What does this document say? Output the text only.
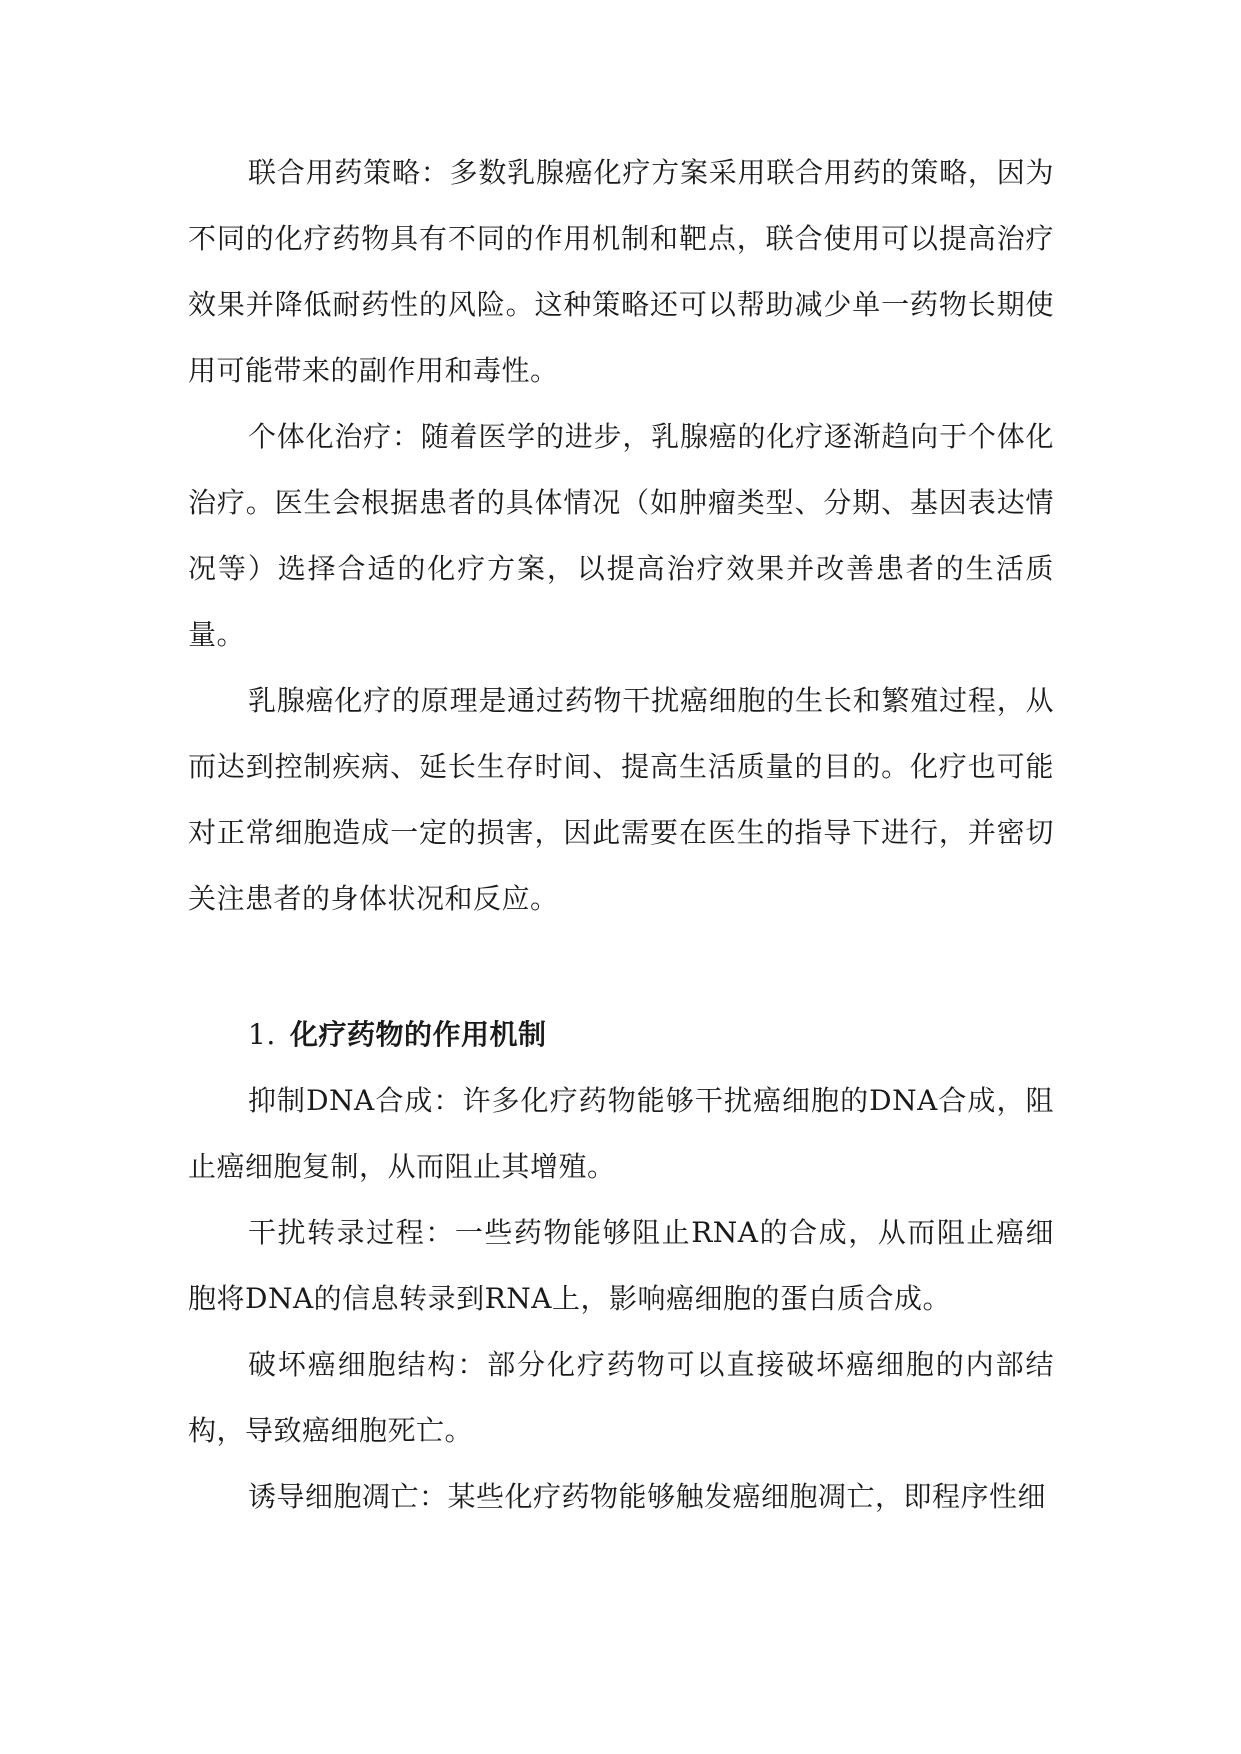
联合用药策略：多数乳腺癌化疗方案采用联合用药的策略，因为不同的化疗药物具有不同的作用机制和靶点，联合使用可以提高治疗效果并降低耐药性的风险。这种策略还可以帮助减少单一药物长期使用可能带来的副作用和毒性。

个体化治疗：随着医学的进步，乳腺癌的化疗逐渐趋向于个体化治疗。医生会根据患者的具体情况（如肿瘤类型、分期、基因表达情况等）选择合适的化疗方案，以提高治疗效果并改善患者的生活质量。

乳腺癌化疗的原理是通过药物干扰癌细胞的生长和繁殖过程，从而达到控制疾病、延长生存时间、提高生活质量的目的。化疗也可能对正常细胞造成一定的损害，因此需要在医生的指导下进行，并密切关注患者的身体状况和反应。

1. 化疗药物的作用机制

抑制DNA合成：许多化疗药物能够干扰癌细胞的DNA合成，阻止癌细胞复制，从而阻止其增殖。

干扰转录过程：一些药物能够阻止RNA的合成，从而阻止癌细胞将DNA的信息转录到RNA上，影响癌细胞的蛋白质合成。

破坏癌细胞结构：部分化疗药物可以直接破坏癌细胞的内部结构，导致癌细胞死亡。

诱导细胞凋亡：某些化疗药物能够触发癌细胞凋亡，即程序性细
